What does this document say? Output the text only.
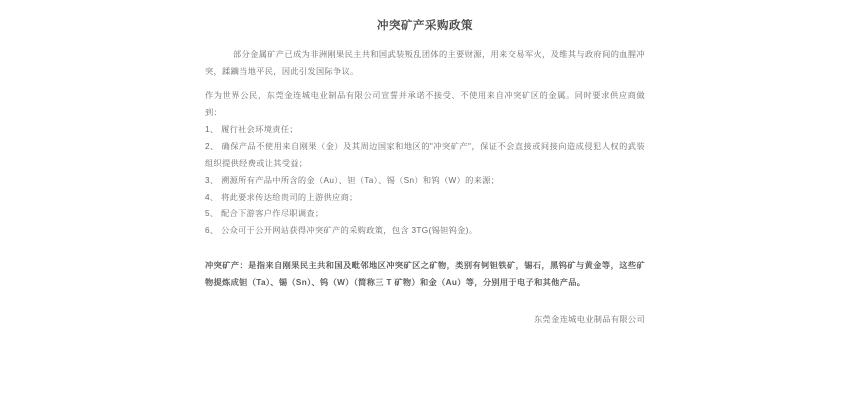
冲突矿产采购政策

部分金属矿产已成为非洲刚果民主共和国武装叛乱团体的主要财源，用来交易军火，及维其与政府间的血腥冲突，蹂躏当地平民，因此引发国际争议。

作为世界公民，东莞金连城电业制品有限公司宣誓并承诺不接受、不使用来自冲突矿区的金属。同时要求供应商做到：

1、 履行社会环境责任；
2、 确保产品不使用来自刚果（金）及其周边国家和地区的"冲突矿产"，保证不会直接或间接向造成侵犯人权的武装组织提供经费或让其受益；
3、 溯源所有产品中所含的金（Au）、钽（Ta）、锡（Sn）和钨（W）的来源；
4、 将此要求传达给贵司的上游供应商；
5、 配合下游客户作尽职调查；
6、 公众可于公开网站获得冲突矿产的采购政策，包含 3TG(锡钽钨金)。

冲突矿产：是指来自刚果民主共和国及毗邻地区冲突矿区之矿物，类别有钶钽铁矿，锡石，黑钨矿与黄金等，这些矿物提炼成钽（Ta）、锡（Sn）、钨（W）（简称三 T 矿物）和金（Au）等，分别用于电子和其他产品。

东莞金连城电业制品有限公司
